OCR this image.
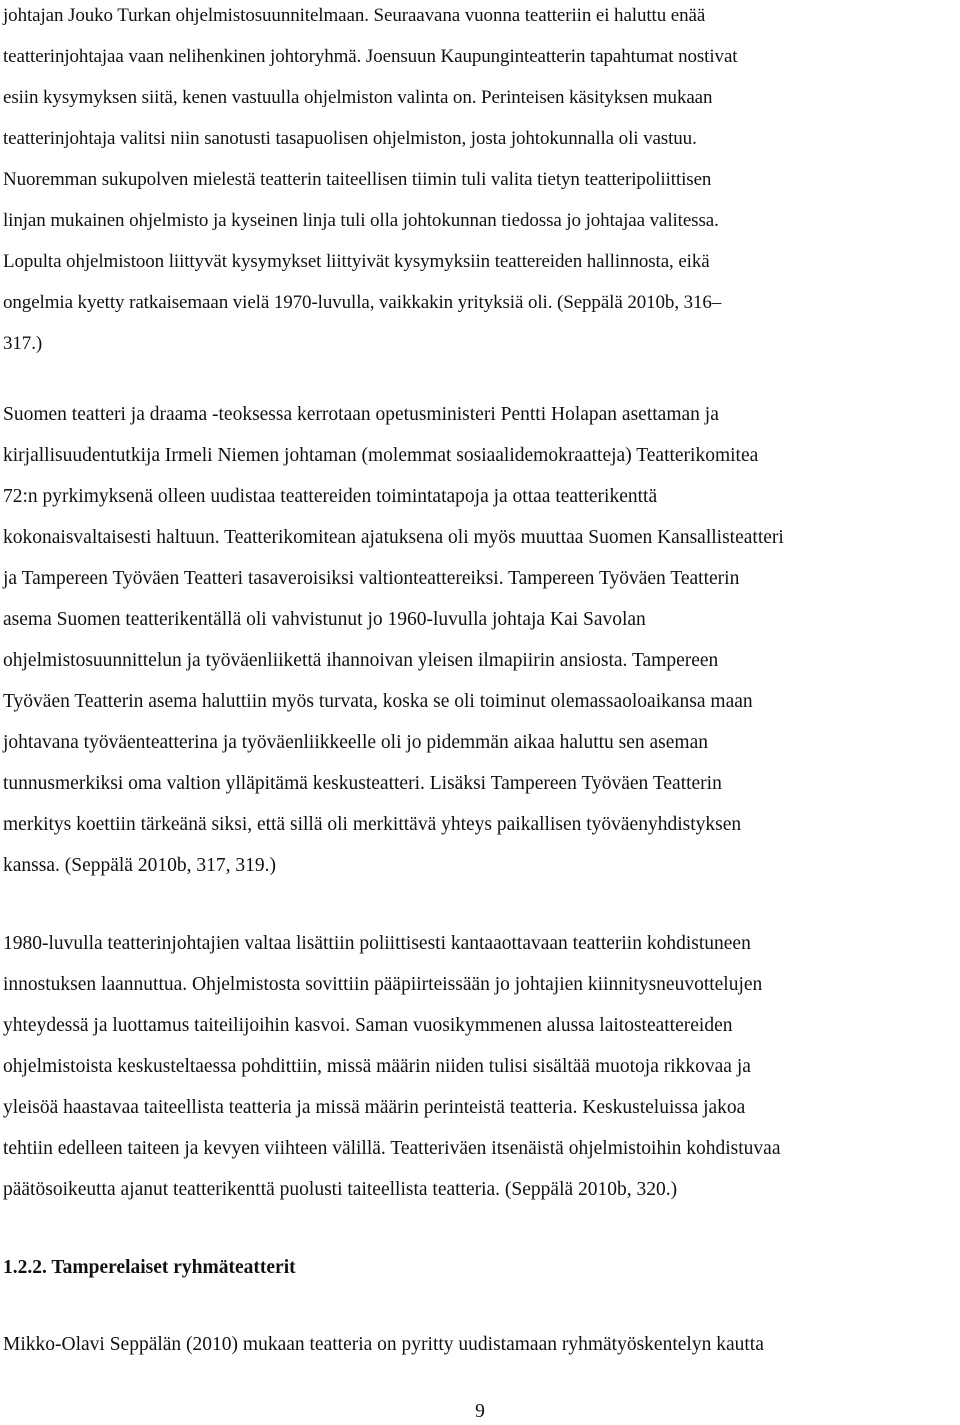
johtajan Jouko Turkan ohjelmistosuunnitelmaan. Seuraavana vuonna teatteriin ei haluttu enää

teatterinjohtajaa vaan nelihenkinen johtoryhmä. Joensuun Kaupunginteatterin tapahtumat nostivat

esiin kysymyksen siitä, kenen vastuulla ohjelmiston valinta on. Perinteisen käsityksen mukaan

teatterinjohtaja valitsi niin sanotusti tasapuolisen ohjelmiston, josta johtokunnalla oli vastuu.

Nuoremman sukupolven mielestä teatterin taiteellisen tiimin tuli valita tietyn teatteripoliittisen

linjan mukainen ohjelmisto ja kyseinen linja tuli olla johtokunnan tiedossa jo johtajaa valitessa.

Lopulta ohjelmistoon liittyvät kysymykset liittyivät kysymyksiin teattereiden hallinnosta, eikä

ongelmia kyetty ratkaisemaan vielä 1970-luvulla, vaikkakin yrityksiä oli. (Seppälä 2010b, 316–

317.)

Suomen teatteri ja draama -teoksessa kerrotaan opetusministeri Pentti Holapan asettaman ja

kirjallisuudentutkija Irmeli Niemen johtaman (molemmat sosiaalidemokraatteja) Teatterikomitea

72:n pyrkimyksenä olleen uudistaa teattereiden toimintatapoja ja ottaa teatterikenttä

kokonaisvaltaisesti haltuun. Teatterikomitean ajatuksena oli myös muuttaa Suomen Kansallisteatteri

ja Tampereen Työväen Teatteri tasaveroisiksi valtionteattereiksi. Tampereen Työväen Teatterin

asema Suomen teatterikentällä oli vahvistunut jo 1960-luvulla johtaja Kai Savolan

ohjelmistosuunnittelun ja työväenliikettä ihannoivan yleisen ilmapiirin ansiosta. Tampereen

Työväen Teatterin asema haluttiin myös turvata, koska se oli toiminut olemassaoloaikansa maan

johtavana työväenteatterina ja työväenliikkeelle oli jo pidemmän aikaa haluttu sen aseman

tunnusmerkiksi oma valtion ylläpitämä keskusteatteri. Lisäksi Tampereen Työväen Teatterin

merkitys koettiin tärkeänä siksi, että sillä oli merkittävä yhteys paikallisen työväenyhdistyksen

kanssa. (Seppälä 2010b, 317, 319.)

1980-luvulla teatterinjohtajien valtaa lisättiin poliittisesti kantaaottavaan teatteriin kohdistuneen

innostuksen laannuttua. Ohjelmistosta sovittiin pääpiirteissään jo johtajien kiinnitysneuvottelujen

yhteydessä ja luottamus taiteilijoihin kasvoi. Saman vuosikymmenen alussa laitosteattereiden

ohjelmistoista keskusteltaessa pohdittiin, missä määrin niiden tulisi sisältää muotoja rikkovaa ja

yleisöä haastavaa taiteellista teatteria ja missä määrin perinteistä teatteria. Keskusteluissa jakoa

tehtiin edelleen taiteen ja kevyen viihteen välillä. Teatteriväen itsenäistä ohjelmistoihin kohdistuvaa

päätösoikeutta ajanut teatterikenttä puolusti taiteellista teatteria. (Seppälä 2010b, 320.)

1.2.2. Tamperelaiset ryhmäteatterit

Mikko-Olavi Seppälän (2010) mukaan teatteria on pyritty uudistamaan ryhmätyöskentelyn kautta

9
